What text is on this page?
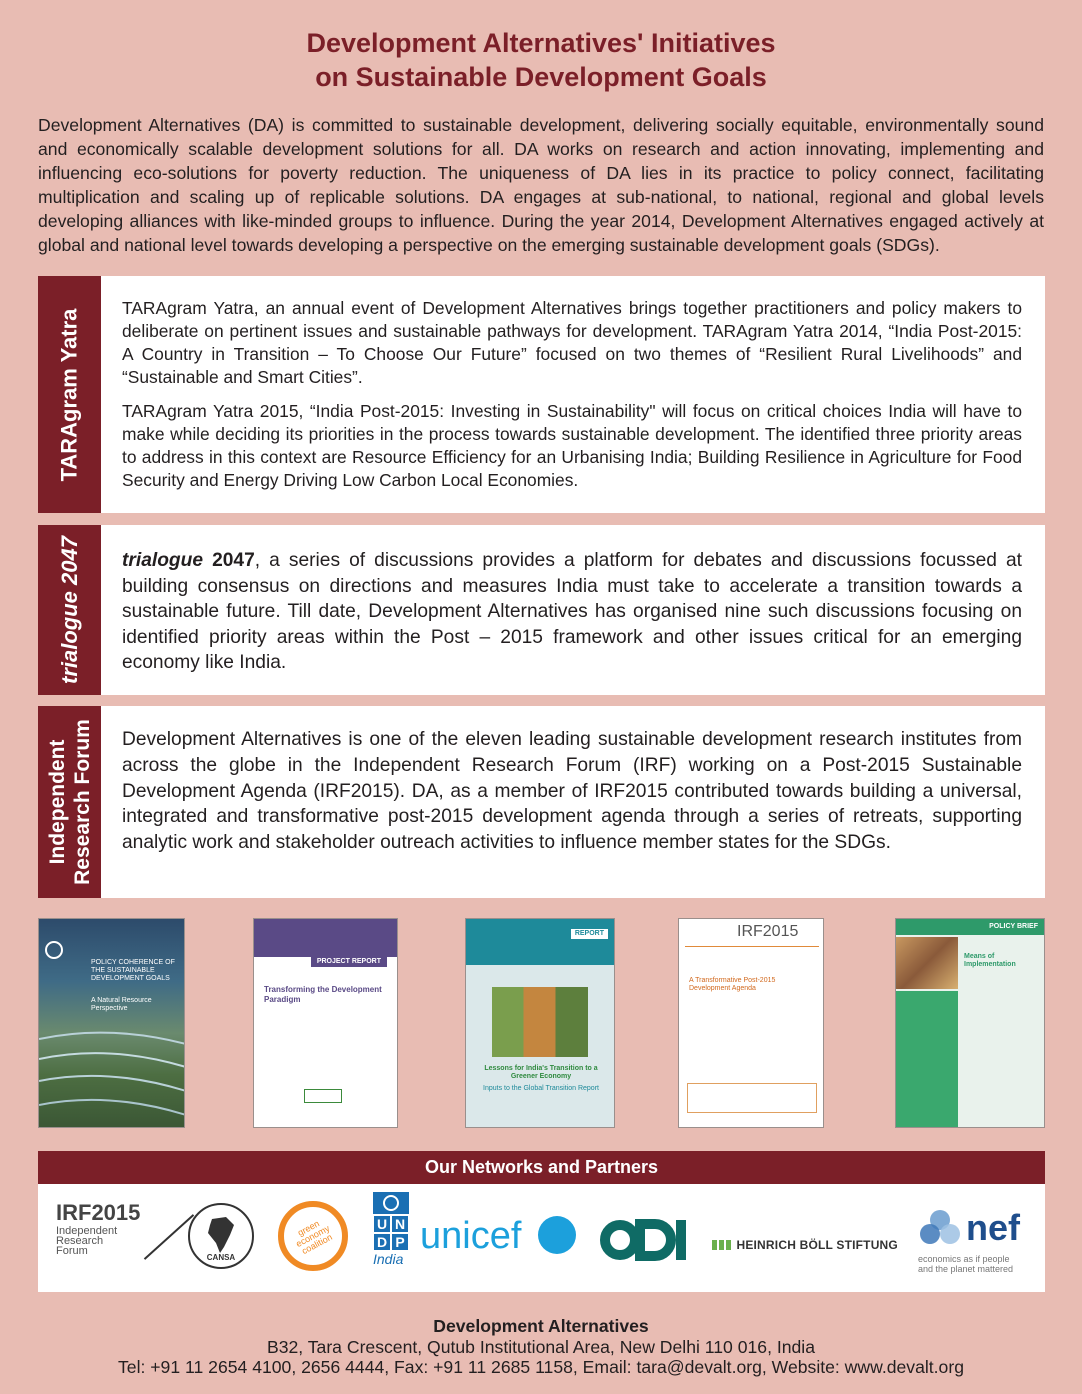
Development Alternatives' Initiatives
on Sustainable Development Goals
Development Alternatives (DA) is committed to sustainable development, delivering socially equitable, environmentally sound and economically scalable development solutions for all. DA works on research and action innovating, implementing and influencing eco-solutions for poverty reduction. The uniqueness of DA lies in its practice to policy connect, facilitating multiplication and scaling up of replicable solutions. DA engages at sub-national, to national, regional and global levels developing alliances with like-minded groups to influence. During the year 2014, Development Alternatives engaged actively at global and national level towards developing a perspective on the emerging sustainable development goals (SDGs).
TARAgram Yatra

TARAgram Yatra, an annual event of Development Alternatives brings together practitioners and policy makers to deliberate on pertinent issues and sustainable pathways for development. TARAgram Yatra 2014, “India Post-2015: A Country in Transition – To Choose Our Future” focused on two themes of “Resilient Rural Livelihoods” and “Sustainable and Smart Cities”.

TARAgram Yatra 2015, “India Post-2015: Investing in Sustainability" will focus on critical choices India will have to make while deciding its priorities in the process towards sustainable development. The identified three priority areas to address in this context are Resource Efficiency for an Urbanising India; Building Resilience in Agriculture for Food Security and Energy Driving Low Carbon Local Economies.

trialogue 2047 trialogue 2047, a series of discussions provides a platform for debates and discussions focussed at building consensus on directions and measures India must take to accelerate a transition towards a sustainable future. Till date, Development Alternatives has organised nine such discussions focusing on identified priority areas within the Post – 2015 framework and other issues critical for an emerging economy like India.
Independent Research Forum Development Alternatives is one of the eleven leading sustainable development research institutes from across the globe in the Independent Research Forum (IRF) working on a Post-2015 Sustainable Development Agenda (IRF2015). DA, as a member of IRF2015 contributed towards building a universal, integrated and transformative post-2015 development agenda through a series of retreats, supporting analytic work and stakeholder outreach activities to influence member states for the SDGs.
POLICY COHERENCE OF THE SUSTAINABLE DEVELOPMENT GOALS
A Natural Resource Perspective
PROJECT REPORT
Transforming the Development Paradigm
REPORT
Lessons for India's Transition to a Greener Economy
Inputs to the Global Transition Report
IRF2015
A Transformative Post-2015 Development Agenda
POLICY BRIEF
Means of Implementation
Our Networks and Partners
IRF2015
Independent
Research
Forum
CANSA
green economy coalition
U N
D P
India
unicef	HEINRICH BÖLL STIFTUNG nef
economics as if people
and the planet mattered
Development Alternatives
B32, Tara Crescent, Qutub Institutional Area, New Delhi 110 016, India
Tel: +91 11 2654 4100, 2656 4444, Fax: +91 11 2685 1158, Email: tara@devalt.org, Website: www.devalt.org
